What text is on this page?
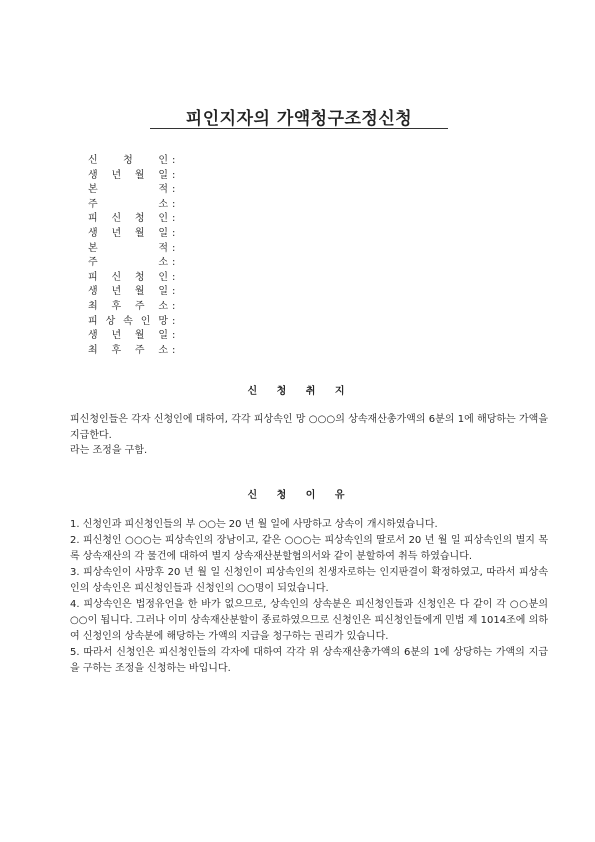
피인지자의 가액청구조정신청
신	청	인 :
생 년 월 일 :
본	적 :
주	소 :
피 신 청 인 :
생 년 월 일 :
본	적 :
주	소 :
피 신 청 인 :
생 년 월 일 :
최 후 주 소 :
피 상 속 인 망 :
생 년 월 일 :
최 후 주 소 :
신 청 취 지

피신청인들은 각자 신청인에 대하여, 각각 피상속인 망 ○○○의 상속재산총가액의 6분의 1에 해당하는 가액을 지급한다.

라는 조정을 구함.

신 청 이 유

1. 신청인과 피신청인들의 부 ○○는 20 년 월 일에 사망하고 상속이 개시하였습니다.

2. 피신청인 ○○○는 피상속인의 장남이고, 같은 ○○○는 피상속인의 딸로서 20 년 월 일 피상속인의 별지 목록 상속재산의 각 물건에 대하여 별지 상속재산분할협의서와 같이 분할하여 취득 하였습니다.

3. 피상속인이 사망후 20 년 월 일 신청인이 피상속인의 친생자로하는 인지판결이 확정하였고, 따라서 피상속인의 상속인은 피신청인들과 신청인의 ○○명이 되었습니다.

4. 피상속인은 법정유언을 한 바가 없으므로, 상속인의 상속분은 피신청인들과 신청인은 다 같이 각 ○○분의 ○○이 됩니다. 그러나 이미 상속재산분할이 종료하였으므로 신청인은 피신청인들에게 민법 제 1014조에 의하여 신청인의 상속분에 해당하는 가액의 지급을 청구하는 권리가 있습니다.

5. 따라서 신청인은 피신청인들의 각자에 대하여 각각 위 상속재산총가액의 6분의 1에 상당하는 가액의 지급을 구하는 조정을 신청하는 바입니다.
